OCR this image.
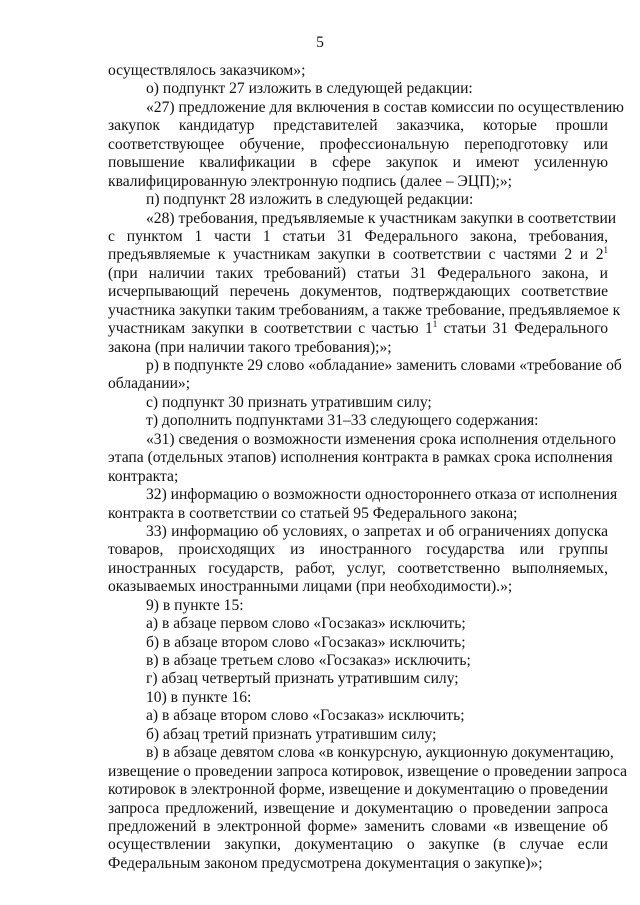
5
осуществлялось заказчиком»;
о) подпункт 27 изложить в следующей редакции:
«27) предложение для включения в состав комиссии по осуществлению
закупок кандидатур представителей заказчика, которые прошли
соответствующее обучение, профессиональную переподготовку или
повышение квалификации в сфере закупок и имеют усиленную
квалифицированную электронную подпись (далее – ЭЦП);»;
п) подпункт 28 изложить в следующей редакции:
«28) требования, предъявляемые к участникам закупки в соответствии
с пунктом 1 части 1 статьи 31 Федерального закона, требования,
предъявляемые к участникам закупки в соответствии с частями 2 и $2^1$
(при наличии таких требований) статьи 31 Федерального закона, и
исчерпывающий перечень документов, подтверждающих соответствие
участника закупки таким требованиям, а также требование, предъявляемое к
участникам закупки в соответствии с частью $1^1$ статьи 31 Федерального
закона (при наличии такого требования);»;
р) в подпункте 29 слово «обладание» заменить словами «требование об
обладании»;
с) подпункт 30 признать утратившим силу;
т) дополнить подпунктами 31–33 следующего содержания:
«31) сведения о возможности изменения срока исполнения отдельного
этапа (отдельных этапов) исполнения контракта в рамках срока исполнения
контракта;
32) информацию о возможности одностороннего отказа от исполнения
контракта в соответствии со статьей 95 Федерального закона;
33) информацию об условиях, о запретах и об ограничениях допуска
товаров, происходящих из иностранного государства или группы
иностранных государств, работ, услуг, соответственно выполняемых,
оказываемых иностранными лицами (при необходимости).»;
9) в пункте 15:
а) в абзаце первом слово «Госзаказ» исключить;
б) в абзаце втором слово «Госзаказ» исключить;
в) в абзаце третьем слово «Госзаказ» исключить;
г) абзац четвертый признать утратившим силу;
10) в пункте 16:
а) в абзаце втором слово «Госзаказ» исключить;
б) абзац третий признать утратившим силу;
в) в абзаце девятом слова «в конкурсную, аукционную документацию,
извещение о проведении запроса котировок, извещение о проведении запроса
котировок в электронной форме, извещение и документацию о проведении
запроса предложений, извещение и документацию о проведении запроса
предложений в электронной форме» заменить словами «в извещение об
осуществлении закупки, документацию о закупке (в случае если
Федеральным законом предусмотрена документация о закупке)»;
